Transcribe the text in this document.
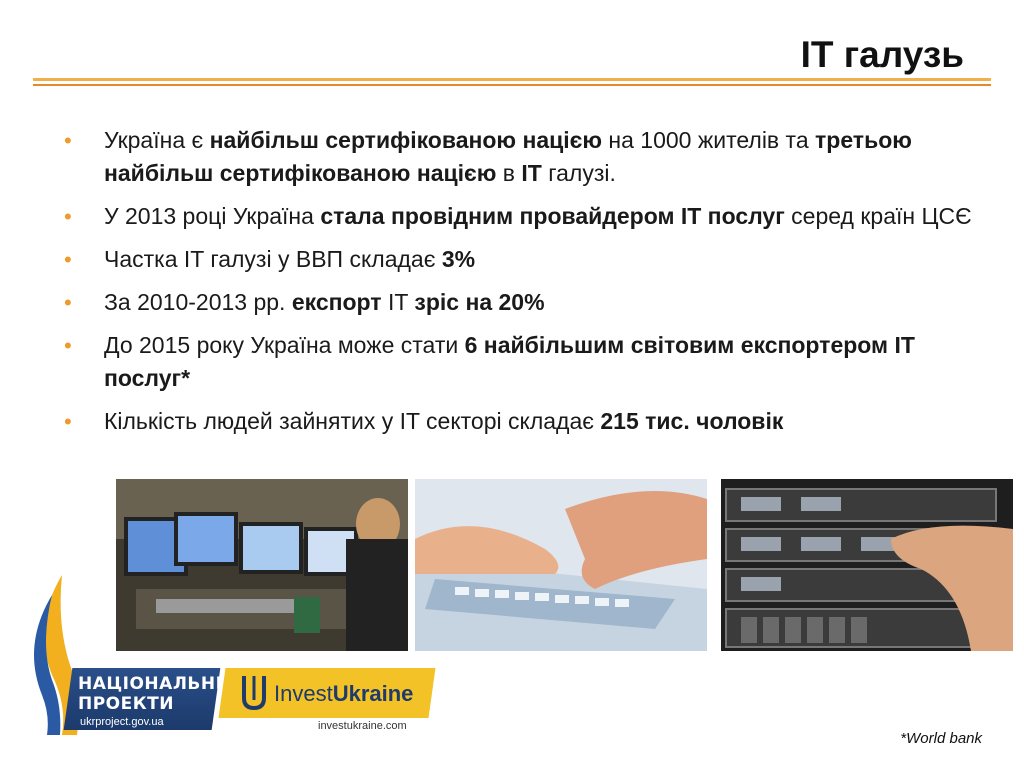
IT галузь
• Україна є найбільш сертифікованою нацією на 1000 жителів та третьою найбільш сертифікованою нацією в IT галузі.
• У 2013 році Україна стала провідним провайдером IT послуг серед країн ЦСЄ
• Частка IT галузі у ВВП складає 3%
• За 2010-2013 рр. експорт IT зріс на 20%
• До 2015 року Україна може стати 6 найбільшим світовим експортером IT послуг*
• Кількість людей зайнятих у IT секторі складає 215 тис. чоловік
НАЦІОНАЛЬНІ
ПРОЕКТИ
ukrproject.gov.ua
InvestUkraine
investukraine.com
*World bank
